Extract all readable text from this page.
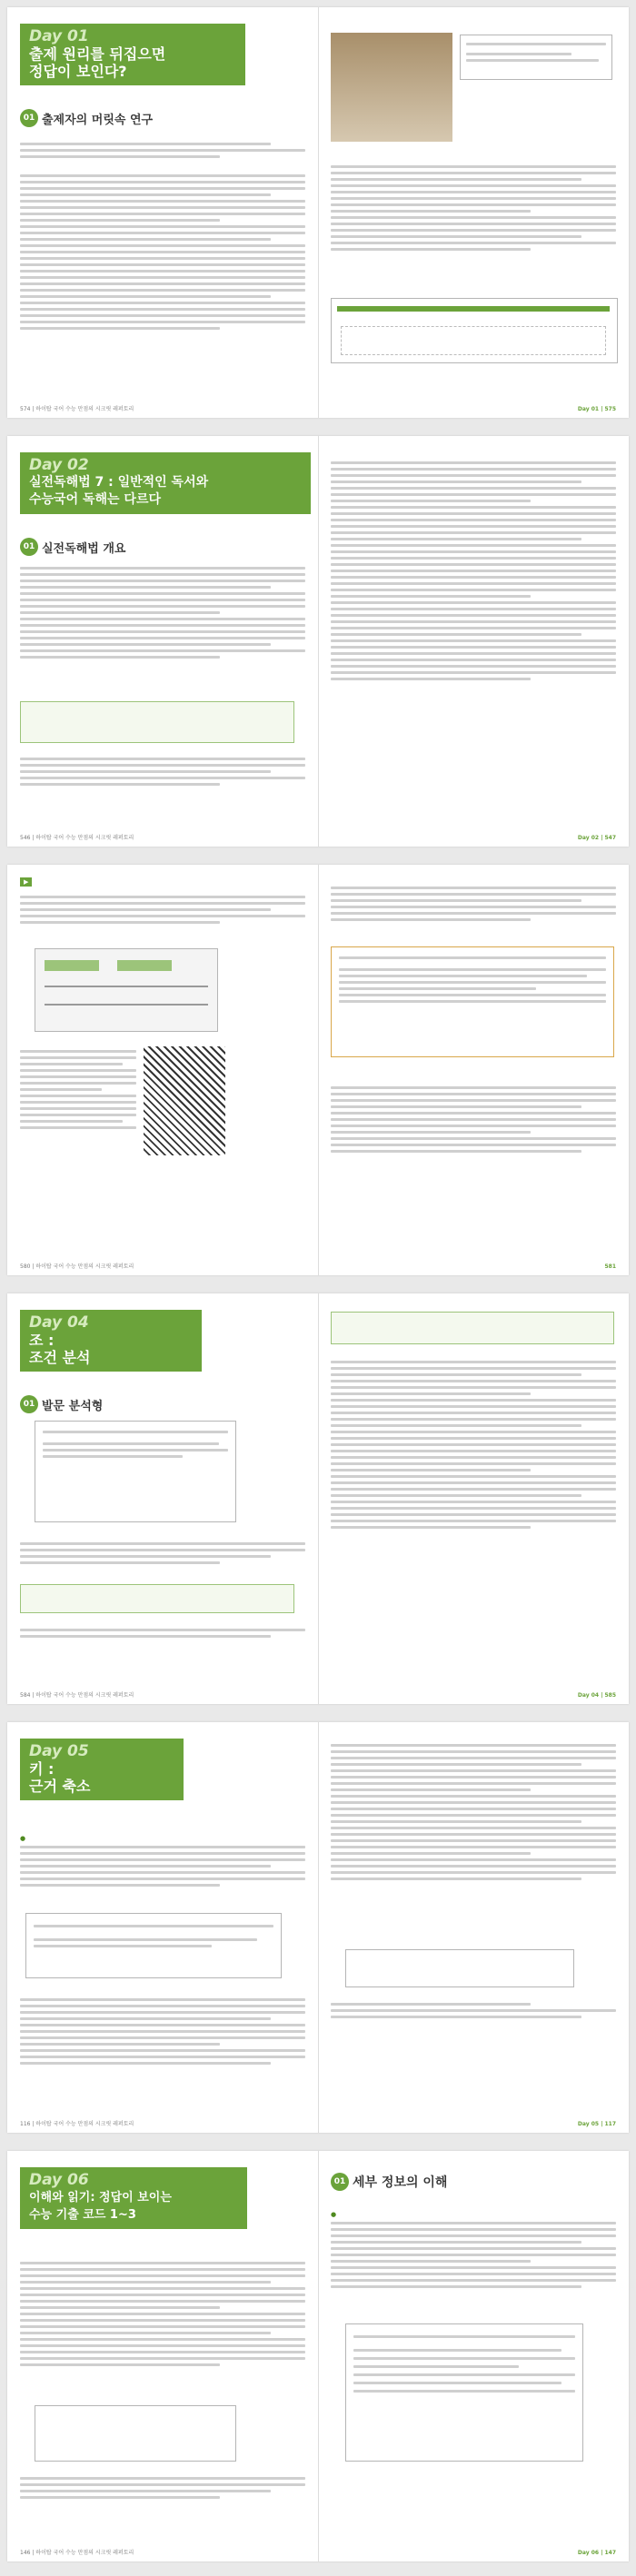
Day 01
출제 원리를 뒤집으면
정답이 보인다?
01 출제자의 머릿속 연구
574 | 하이탑 국어 수능 만점의 시크릿 레퍼토리	Day 01 | 575
Day 02
실전독해법 7 : 일반적인 독서와
수능국어 독해는 다르다
01 실전독해법 개요
546 | 하이탑 국어 수능 만점의 시크릿 레퍼토리	Day 02 | 547
▶
580 | 하이탑 국어 수능 만점의 시크릿 레퍼토리	581
Day 04
조 :
조건 분석
01 발문 분석형
584 | 하이탑 국어 수능 만점의 시크릿 레퍼토리	Day 04 | 585
Day 05
키 :
근거 축소
●
116 | 하이탑 국어 수능 만점의 시크릿 레퍼토리	Day 05 | 117
Day 06
이해와 읽기: 정답이 보이는
수능 기출 코드 1~3
146 | 하이탑 국어 수능 만점의 시크릿 레퍼토리
01 세부 정보의 이해
●
Day 06 | 147
